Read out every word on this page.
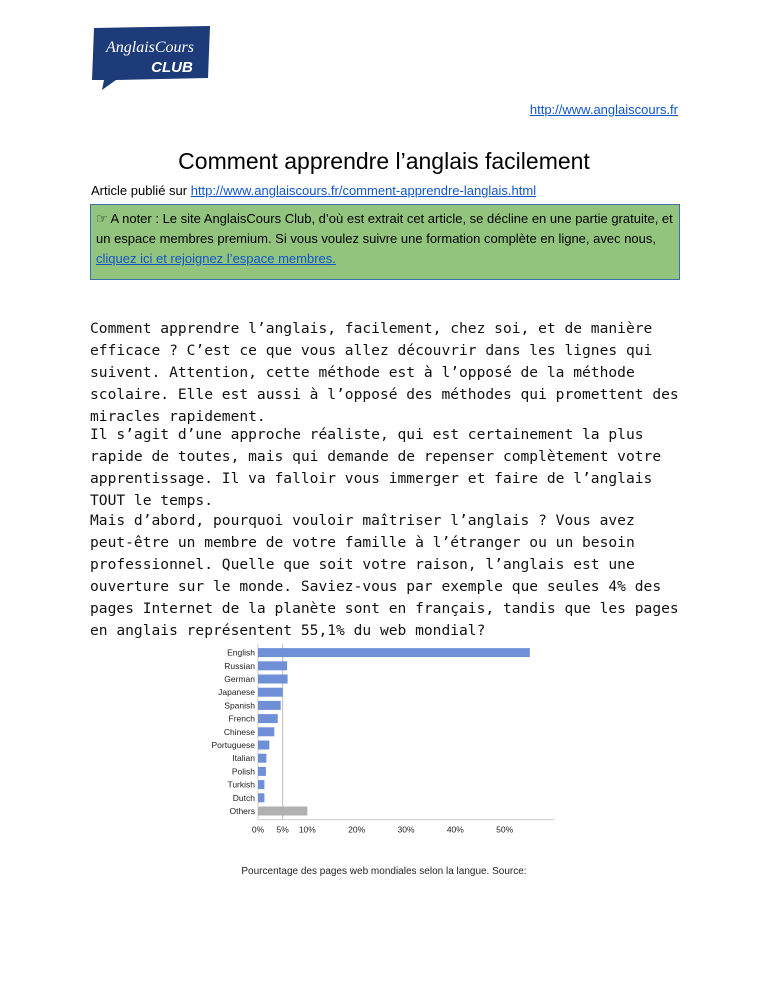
AnglaisCours
CLUB
http://www.anglaiscours.fr
Comment apprendre l’anglais facilement
Article publié sur http://www.anglaiscours.fr/comment-apprendre-langlais.html
☞ A noter : Le site AnglaisCours Club, d’où est extrait cet article, se décline en une partie gratuite, et un espace membres premium. Si vous voulez suivre une formation complète en ligne, avec nous, cliquez ici et rejoignez l’espace membres.

Comment apprendre l’anglais, facilement, chez soi, et de manière efficace ? C’est ce que vous allez découvrir dans les lignes qui suivent. Attention, cette méthode est à l’opposé de la méthode scolaire. Elle est aussi à l’opposé des méthodes qui promettent des miracles rapidement.

Il s’agit d’une approche réaliste, qui est certainement la plus rapide de toutes, mais qui demande de repenser complètement votre apprentissage. Il va falloir vous immerger et faire de l’anglais TOUT le temps.

Mais d’abord, pourquoi vouloir maîtriser l’anglais ? Vous avez peut-être un membre de votre famille à l’étranger ou un besoin professionnel. Quelle que soit votre raison, l’anglais est une ouverture sur le monde. Saviez-vous par exemple que seules 4% des pages Internet de la planète sont en français, tandis que les pages en anglais représentent 55,1% du web mondial?

English
Russian
German
Japanese
Spanish
French
Chinese
Portuguese
Italian
Polish
Turkish
Dutch
Others
0% 5% 10%	20%	30%	40%	50%
Pourcentage des pages web mondiales selon la langue. Source:
